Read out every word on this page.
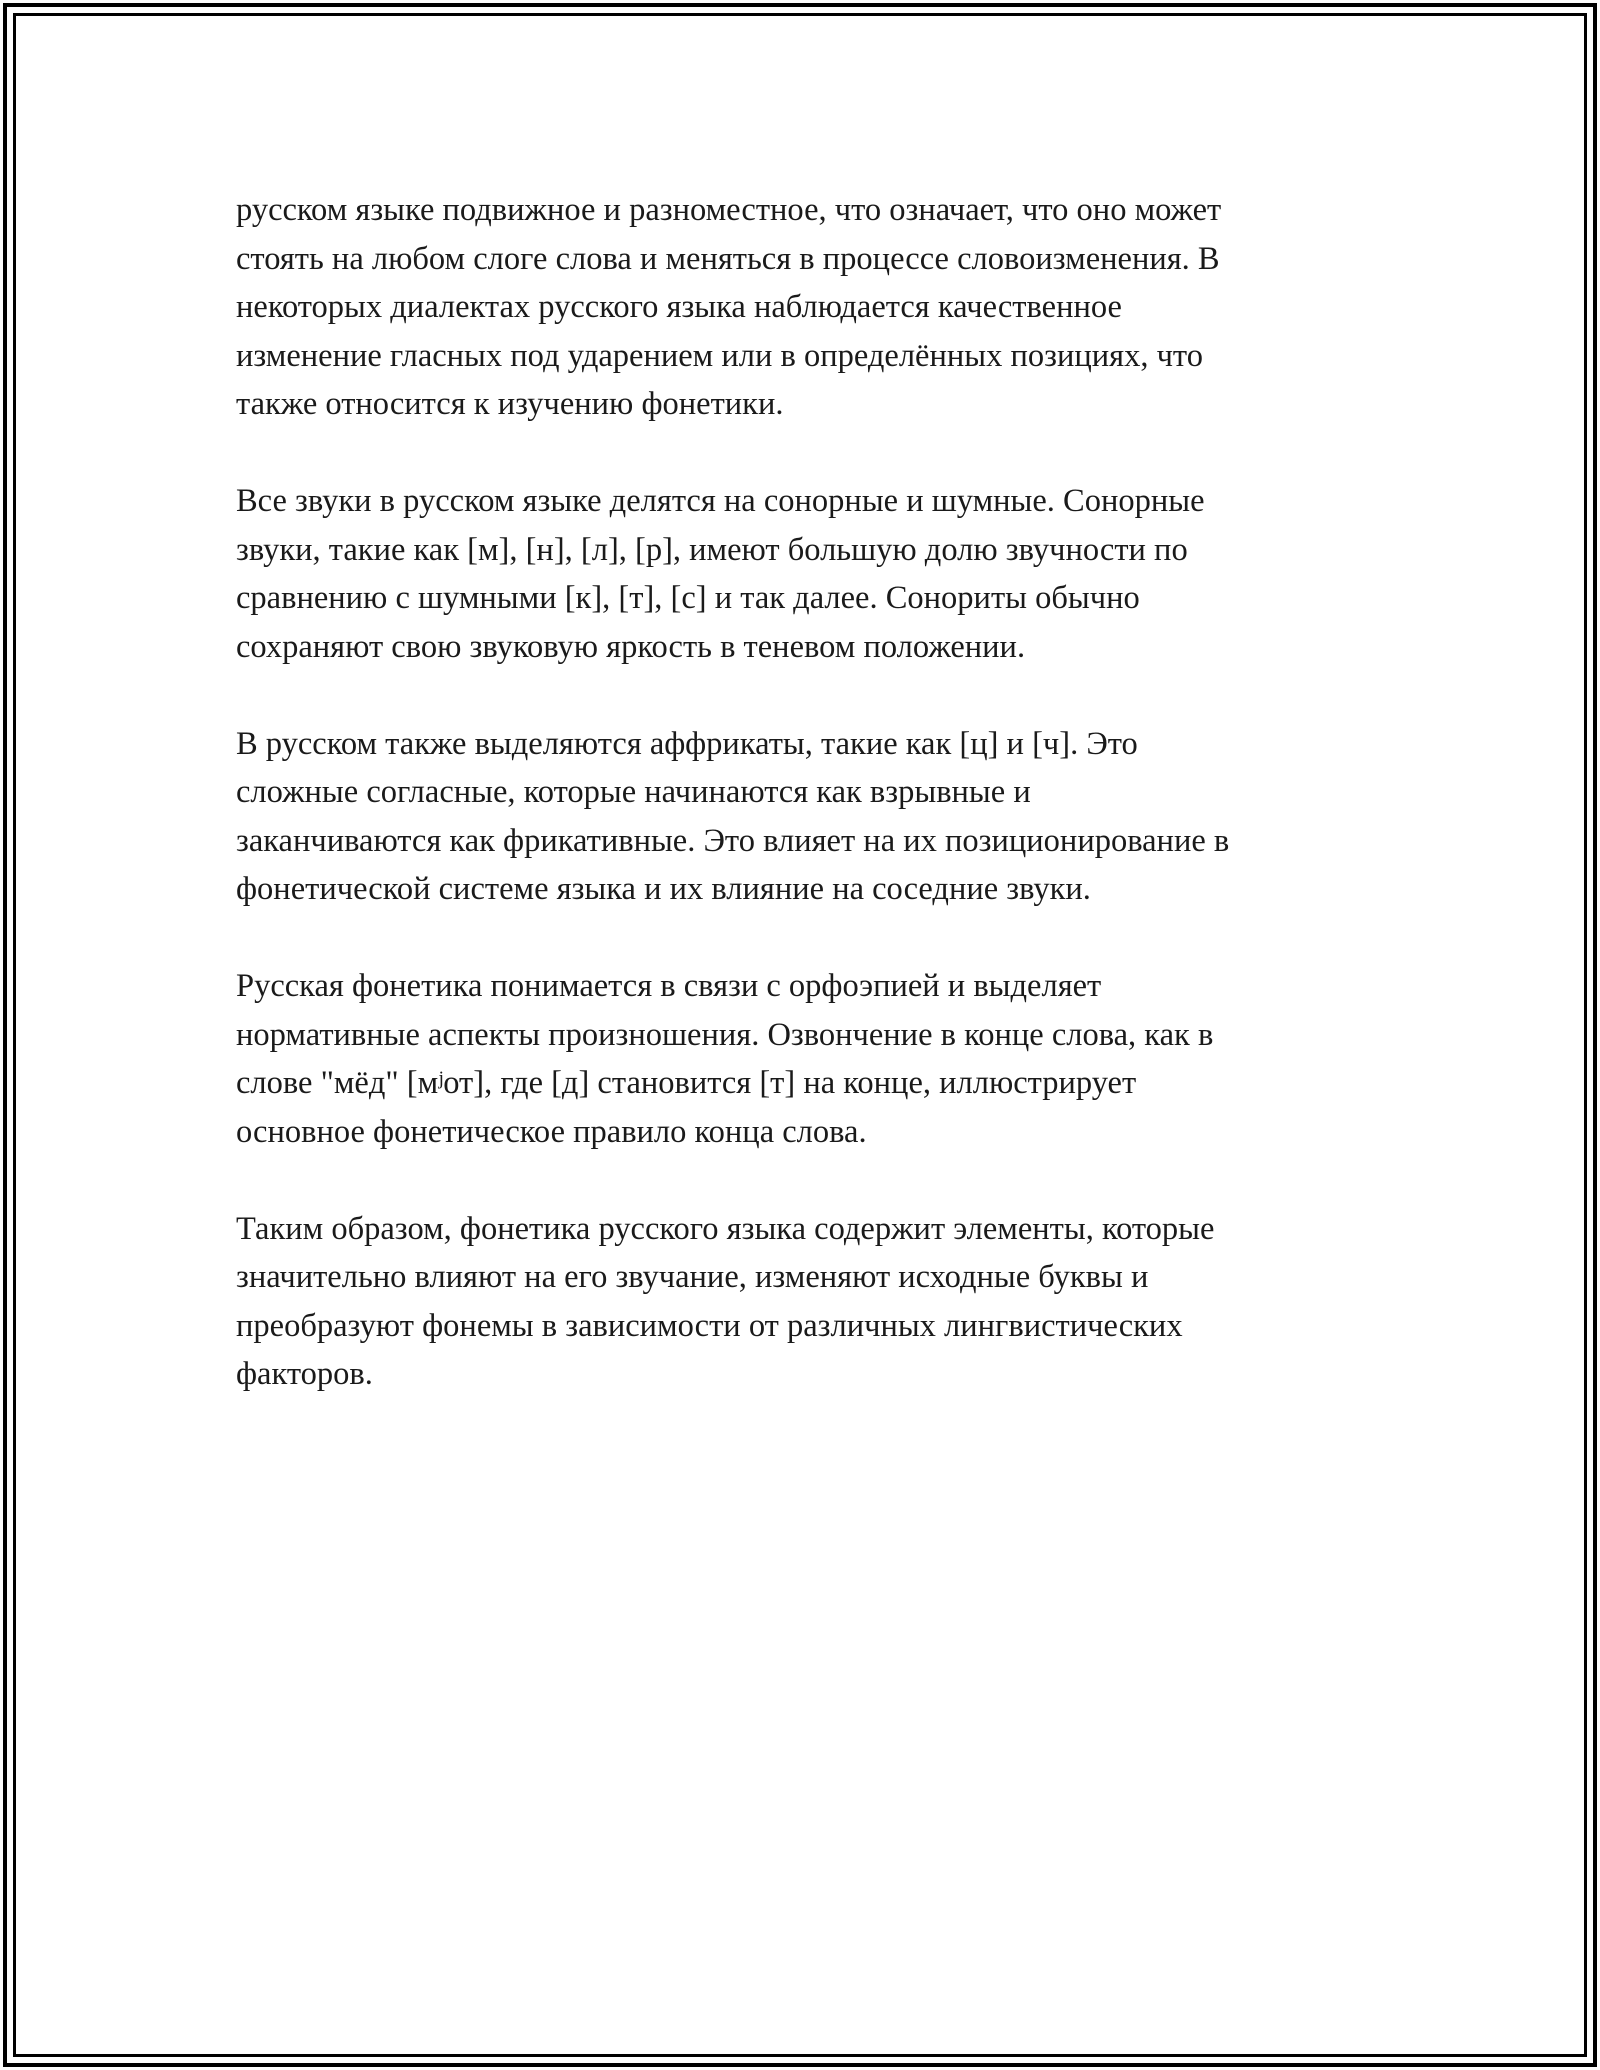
русском языке подвижное и разноместное, что означает, что оно может
стоять на любом слоге слова и меняться в процессе словоизменения. В
некоторых диалектах русского языка наблюдается качественное
изменение гласных под ударением или в определённых позициях, что
также относится к изучению фонетики.

Все звуки в русском языке делятся на сонорные и шумные. Сонорные
звуки, такие как [м], [н], [л], [р], имеют большую долю звучности по
сравнению с шумными [к], [т], [с] и так далее. Сонориты обычно
сохраняют свою звуковую яркость в теневом положении.

В русском также выделяются аффрикаты, такие как [ц] и [ч]. Это
сложные согласные, которые начинаются как взрывные и
заканчиваются как фрикативные. Это влияет на их позиционирование в
фонетической системе языка и их влияние на соседние звуки.

Русская фонетика понимается в связи с орфоэпией и выделяет
нормативные аспекты произношения. Озвончение в конце слова, как в
слове "мёд" [мʲот], где [д] становится [т] на конце, иллюстрирует
основное фонетическое правило конца слова.

Таким образом, фонетика русского языка содержит элементы, которые
значительно влияют на его звучание, изменяют исходные буквы и
преобразуют фонемы в зависимости от различных лингвистических
факторов.
